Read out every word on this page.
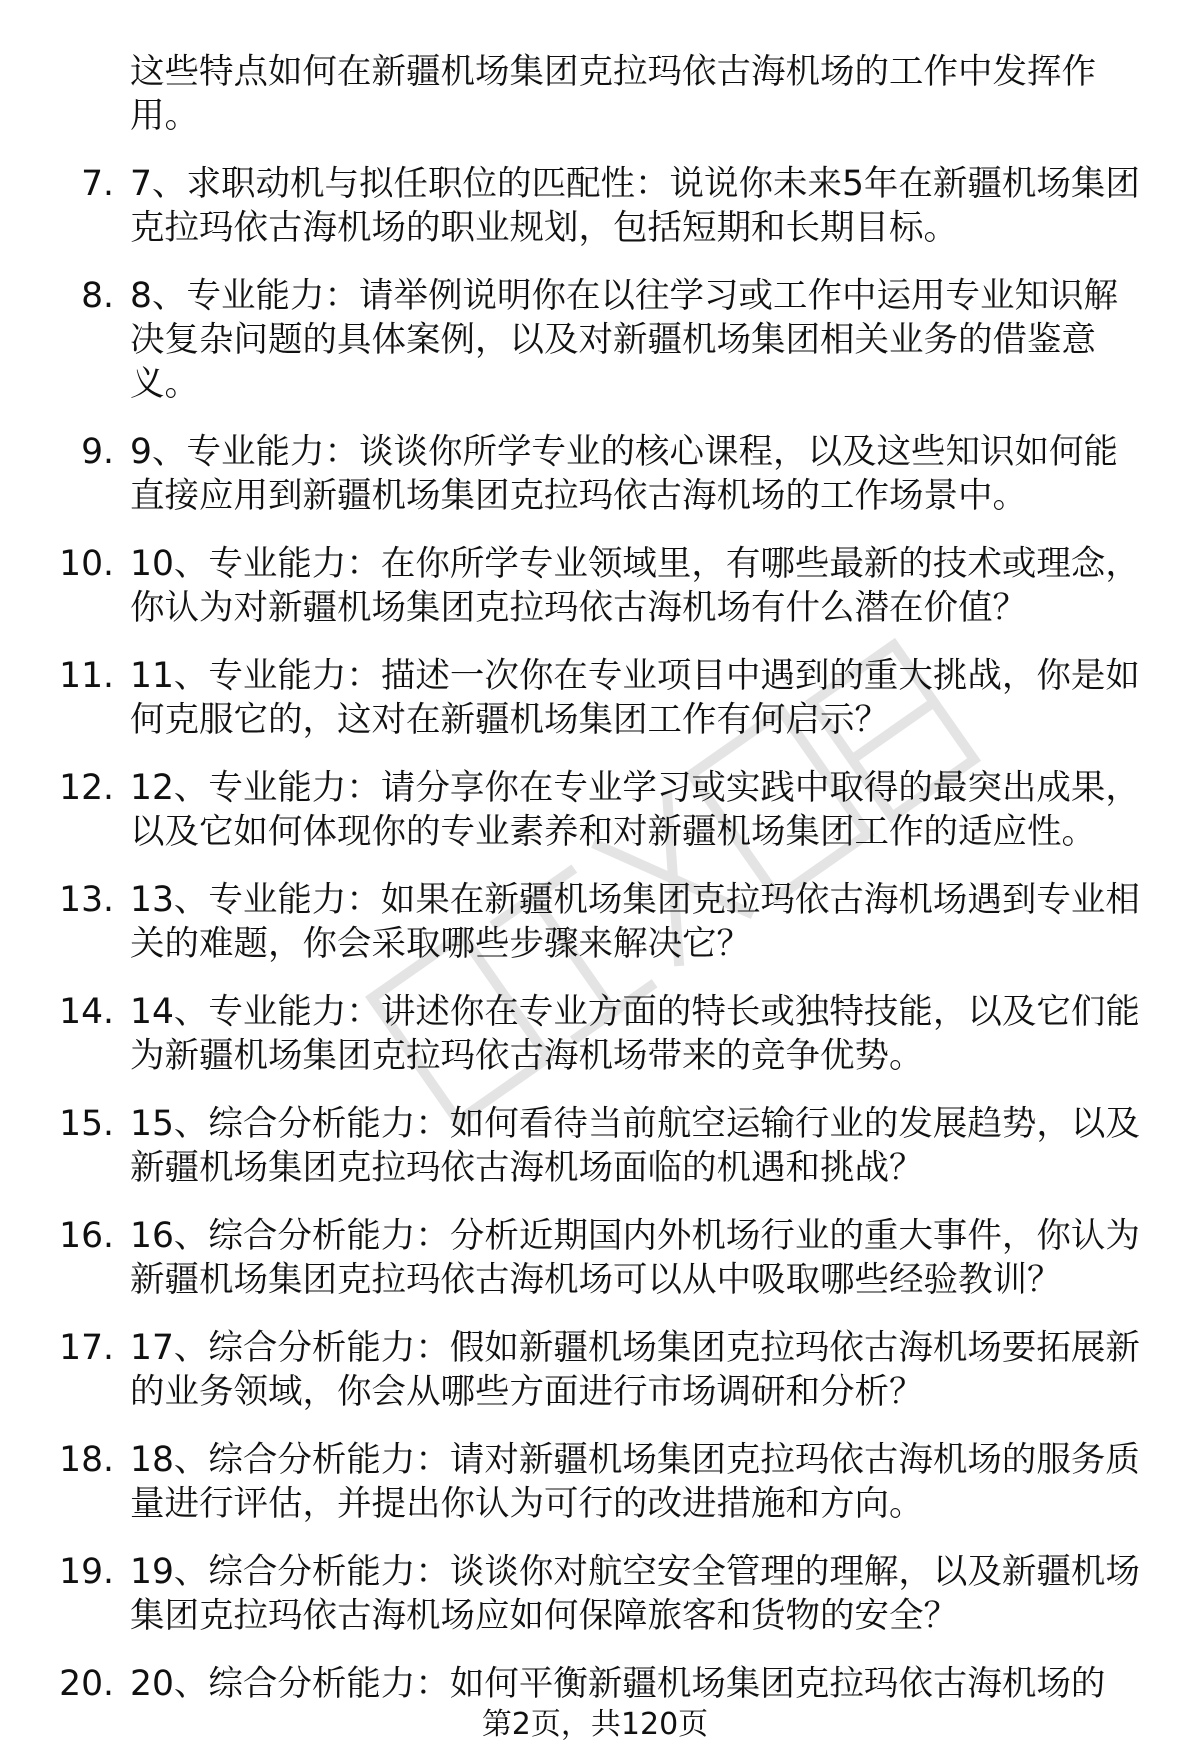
这些特点如何在新疆机场集团克拉玛依古海机场的工作中发挥作用。
7. 7、求职动机与拟任职位的匹配性：说说你未来5年在新疆机场集团克拉玛依古海机场的职业规划，包括短期和长期目标。
8. 8、专业能力：请举例说明你在以往学习或工作中运用专业知识解决复杂问题的具体案例，以及对新疆机场集团相关业务的借鉴意义。
9. 9、专业能力：谈谈你所学专业的核心课程，以及这些知识如何能直接应用到新疆机场集团克拉玛依古海机场的工作场景中。
10. 10、专业能力：在你所学专业领域里，有哪些最新的技术或理念，你认为对新疆机场集团克拉玛依古海机场有什么潜在价值？
11. 11、专业能力：描述一次你在专业项目中遇到的重大挑战，你是如何克服它的，这对在新疆机场集团工作有何启示？
12. 12、专业能力：请分享你在专业学习或实践中取得的最突出成果，以及它如何体现你的专业素养和对新疆机场集团工作的适应性。
13. 13、专业能力：如果在新疆机场集团克拉玛依古海机场遇到专业相关的难题，你会采取哪些步骤来解决它？
14. 14、专业能力：讲述你在专业方面的特长或独特技能，以及它们能为新疆机场集团克拉玛依古海机场带来的竞争优势。
15. 15、综合分析能力：如何看待当前航空运输行业的发展趋势，以及新疆机场集团克拉玛依古海机场面临的机遇和挑战？
16. 16、综合分析能力：分析近期国内外机场行业的重大事件，你认为新疆机场集团克拉玛依古海机场可以从中吸取哪些经验教训？
17. 17、综合分析能力：假如新疆机场集团克拉玛依古海机场要拓展新的业务领域，你会从哪些方面进行市场调研和分析？
18. 18、综合分析能力：请对新疆机场集团克拉玛依古海机场的服务质量进行评估，并提出你认为可行的改进措施和方向。
19. 19、综合分析能力：谈谈你对航空安全管理的理解，以及新疆机场集团克拉玛依古海机场应如何保障旅客和货物的安全？
20. 20、综合分析能力：如何平衡新疆机场集团克拉玛依古海机场的
第2页，共120页
